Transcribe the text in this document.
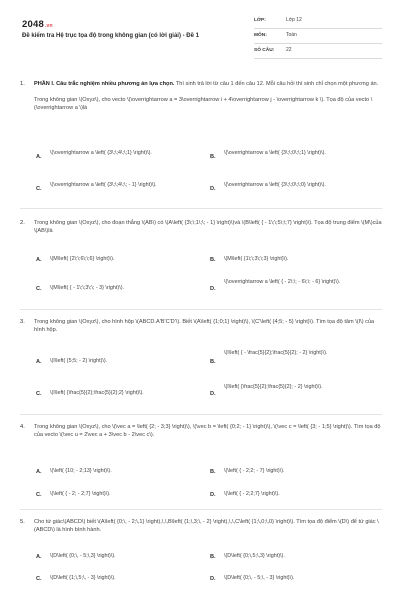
2048.vn
Đề kiểm tra Hệ trục tọa độ trong không gian (có lời giải) - Đề 1
LỚP:	Lớp 12
MÔN:	Toán
SỐ CÂU:	22
1. PHẦN I. Câu trắc nghiệm nhiều phương án lựa chọn. Thí sinh trả lời từ câu 1 đến câu 12. Mỗi câu hỏi thí sinh chỉ chọn một phương án.

Trong không gian \(Oxyz\), cho vecto \(\overrightarrow a = 3\overrightarrow i + 4\overrightarrow j - \overrightarrow k \). Tọa độ của vecto \(\overrightarrow a \)là

A.
\(\overrightarrow a \left( {3\;\;4\;\;1} \right)\).
B.
\(\overrightarrow a \left( {3\;\;0\;\;1} \right)\).
C.
\(\overrightarrow a \left( {3\;\;4\;\; - 1} \right)\).
D.
\(\overrightarrow a \left( {3\;\;0\;\;0} \right)\).
2. Trong không gian \(Oxyz\), cho đoạn thẳng \(AB\) có \(A\left( {3\;\;1\;\; - 1} \right)\)và \(B\left( { - 1\;\;5\;\;7} \right)\). Tọa độ trung điểm \(M\)của \(AB\)là

A. \(M\left( {2\;\;6\;\;6} \right)\).	B. \(M\left( {1\;\;3\;\;3} \right)\).
C. \(M\left( { - 1\;\;3\;\; - 3} \right)\).	D.
\(\overrightarrow a \left( { - 2\;\; - 6\;\; - 6} \right)\).
3. Trong không gian \(Oxyz\), cho hình hộp \(ABCD.A'B'C'D'\). Biết \(A\left( {1;0;1} \right)\), \(C'\left( {4;5; - 5} \right)\). Tìm tọa độ tâm \(I\) của hình hộp.

A. \(I\left( {5;5; - 2} \right)\).	B.
\(I\left( { - \frac{5}{2};\frac{5}{2}; - 2} \right)\).
C. \(I\left( {\frac{5}{2};\frac{5}{2};2} \right)\).	D.
\(I\left( {\frac{5}{2};\frac{5}{2}; - 2} \right)\).
4. Trong không gian \(Oxyz\), cho \(\vec a = \left( {2; - 3;3} \right)\), \(\vec b = \left( {0;2; - 1} \right)\), \(\vec c = \left( {3; - 1;5} \right)\). Tìm tọa độ của vecto \(\vec u = 2\vec a + 3\vec b - 2\vec c\).

A. \(\left( {10; - 2;13} \right)\).	B. \(\left( { - 2;2; - 7} \right)\).
C. \(\left( { - 2; - 2;7} \right)\).	D. \(\left( { - 2;2;7} \right)\).
5. Cho tứ giác\(ABCD\) biết \(A\left( {0;\, - 2;\,1} \right),\,\,B\left( {1;\,3;\, - 2} \right),\,\,C\left( {1;\,0;\,0} \right)\). Tìm tọa độ điểm \(D\) để tứ giác \(ABCD\) là hình bình hành.

A. \(D\left( {0;\, - 5;\,3} \right)\).	B. \(D\left( {0;\,5;\,3} \right)\).
C. \(D\left( {1;\,5;\, - 3} \right)\).	D. \(D\left( {0;\, - 5;\, - 3} \right)\).
